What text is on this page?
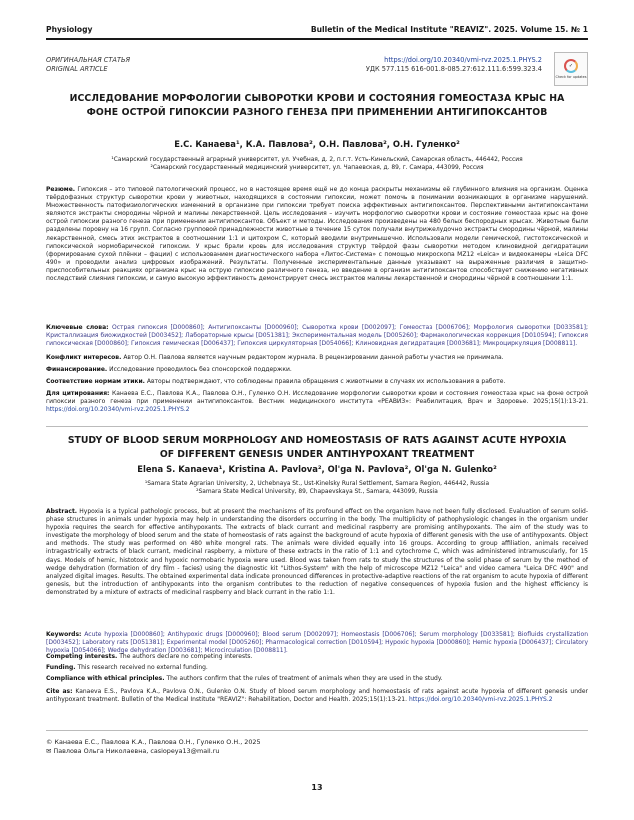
Physiology	Bulletin of the Medical Institute "REAVIZ". 2025. Volume 15. № 1
ОРИГИНАЛЬНАЯ СТАТЬЯ
ORIGINAL ARTICLE
https://doi.org/10.20340/vmi-rvz.2025.1.PHYS.2
УДК 577.115 616-001.8-085.27:612.111.6:599.323.4	✓
Check for updates
ИССЛЕДОВАНИЕ МОРФОЛОГИИ СЫВОРОТКИ КРОВИ И СОСТОЯНИЯ ГОМЕОСТАЗА КРЫС НА ФОНЕ ОСТРОЙ ГИПОКСИИ РАЗНОГО ГЕНЕЗА ПРИ ПРИМЕНЕНИИ АНТИГИПОКСАНТОВ
Е.С. Канаева¹, К.А. Павлова², О.Н. Павлова², О.Н. Гуленко²
¹Самарский государственный аграрный университет, ул. Учебная, д. 2, п.г.т. Усть-Кинельский, Самарская область, 446442, Россия
²Самарский государственный медицинский университет, ул. Чапаевская, д. 89, г. Самара, 443099, Россия
Резюме. Гипоксия – это типовой патологический процесс, но в настоящее время ещё не до конца раскрыты механизмы её глубинного влияния на организм. Оценка твёрдофазных структур сыворотки крови у животных, находящихся в состоянии гипоксии, может помочь в понимании возникающих в организме нарушений. Множественность патофизиологических изменений в организме при гипоксии требует поиска эффективных антигипоксантов. Перспективными антигипоксантами являются экстракты смородины чёрной и малины лекарственной. Цель исследования – изучить морфологию сыворотки крови и состояние гомеостаза крыс на фоне острой гипоксии разного генеза при применении антигипоксантов. Объект и методы. Исследования произведены на 480 белых беспородных крысах. Животные были разделены поровну на 16 групп. Согласно групповой принадлежности животные в течение 15 суток получали внутрижелудочно экстракты смородины чёрной, малины лекарственной, смесь этих экстрактов в соотношении 1:1 и цитохром С, который вводили внутримышечно. Использовали модели гемической, гистотоксической и гипоксической нормобарической гипоксии. У крыс брали кровь для исследования структур твёрдой фазы сыворотки методом клиновидной дегидратации (формирование сухой плёнки – фации) с использованием диагностического набора «Литос-Система» с помощью микроскопа MZ12 «Leica» и видеокамеры «Leica DFC 490» и проводили анализ цифровых изображений. Результаты. Полученные экспериментальные данные указывают на выраженные различия в защитно-приспособительных реакциях организма крыс на острую гипоксию различного генеза, но введение в организм антигипоксантов способствует снижению негативных последствий слияния гипоксии, и самую высокую эффективность демонстрирует смесь экстрактов малины лекарственной и смородины чёрной в соотношении 1:1.
Ключевые слова: Острая гипоксия [D000860]; Антигипоксанты [D000960]; Сыворотка крови [D002097]; Гомеостаз [D006706]; Морфология сыворотки [D033581]; Кристаллизация биожидкостей [D003452]; Лабораторные крысы [D051381]; Экспериментальная модель [D005260]; Фармакологическая коррекция [D010594]; Гипоксия гипоксическая [D000860]; Гипоксия гемическая [D006437]; Гипоксия циркуляторная [D054066]; Клиновидная дегидратация [D003681]; Микроциркуляция [D008811].
Конфликт интересов. Автор О.Н. Павлова является научным редактором журнала. В рецензировании данной работы участия не принимала.
Финансирование. Исследование проводилось без спонсорской поддержки.
Соответствие нормам этики. Авторы подтверждают, что соблюдены правила обращения с животными в случаях их использования в работе.
Для цитирования: Канаева Е.С., Павлова К.А., Павлова О.Н., Гуленко О.Н. Исследование морфологии сыворотки крови и состояния гомеостаза крыс на фоне острой гипоксии разного генеза при применении антигипоксантов. Вестник медицинского института «РЕАВИЗ»: Реабилитация, Врач и Здоровье. 2025;15(1):13-21. https://doi.org/10.20340/vmi-rvz.2025.1.PHYS.2
STUDY OF BLOOD SERUM MORPHOLOGY AND HOMEOSTASIS OF RATS AGAINST ACUTE HYPOXIA OF DIFFERENT GENESIS UNDER ANTIHYPOXANT TREATMENT
Elena S. Kanaeva¹, Kristina A. Pavlova², Ol'ga N. Pavlova², Ol'ga N. Gulenko²
¹Samara State Agrarian University, 2, Uchebnaya St., Ust-Kinelsky Rural Settlement, Samara Region, 446442, Russia
²Samara State Medical University, 89, Chapaevskaya St., Samara, 443099, Russia
Abstract. Hypoxia is a typical pathologic process, but at present the mechanisms of its profound effect on the organism have not been fully disclosed. Evaluation of serum solid-phase structures in animals under hypoxia may help in understanding the disorders occurring in the body. The multiplicity of pathophysiologic changes in the organism under hypoxia requires the search for effective antihypoxants. The extracts of black currant and medicinal raspberry are promising antihypoxants. The aim of the study was to investigate the morphology of blood serum and the state of homeostasis of rats against the background of acute hypoxia of different genesis with the use of antihypoxants. Object and methods. The study was performed on 480 white mongrel rats. The animals were divided equally into 16 groups. According to group affiliation, animals received intragastrically extracts of black currant, medicinal raspberry, a mixture of these extracts in the ratio of 1:1 and cytochrome C, which was administered intramuscularly, for 15 days. Models of hemic, histotoxic and hypoxic normobaric hypoxia were used. Blood was taken from rats to study the structures of the solid phase of serum by the method of wedge dehydration (formation of dry film - facies) using the diagnostic kit "Lithos-System" with the help of microscope MZ12 "Leica" and video camera "Leica DFC 490" and analyzed digital images. Results. The obtained experimental data indicate pronounced differences in protective-adaptive reactions of the rat organism to acute hypoxia of different genesis, but the introduction of antihypoxants into the organism contributes to the reduction of negative consequences of hypoxia fusion and the highest efficiency is demonstrated by a mixture of extracts of medicinal raspberry and black currant in the ratio 1:1.
Keywords: Acute hypoxia [D000860]; Antihypoxic drugs [D000960]; Blood serum [D002097]; Homeostasis [D006706]; Serum morphology [D033581]; Biofluids crystallization [D003452]; Laboratory rats [D051381]; Experimental model [D005260]; Pharmacological correction [D010594]; Hypoxic hypoxia [D000860]; Hemic hypoxia [D006437]; Circulatory hypoxia [D054066]; Wedge dehydration [D003681]; Microcirculation [D008811].
Competing interests. The authors declare no competing interests.
Funding. This research received no external funding.
Compliance with ethical principles. The authors confirm that the rules of treatment of animals when they are used in the study.
Cite as: Kanaeva E.S., Pavlova K.A., Pavlova O.N., Gulenko O.N. Study of blood serum morphology and homeostasis of rats against acute hypoxia of different genesis under antihypoxant treatment. Bulletin of the Medical Institute "REAVIZ": Rehabilitation, Doctor and Health. 2025;15(1):13-21. https://doi.org/10.20340/vmi-rvz.2025.1.PHYS.2
© Канаева Е.С., Павлова К.А., Павлова О.Н., Гуленко О.Н., 2025
✉ Павлова Ольга Николаевна, casiopeya13@mail.ru
13
